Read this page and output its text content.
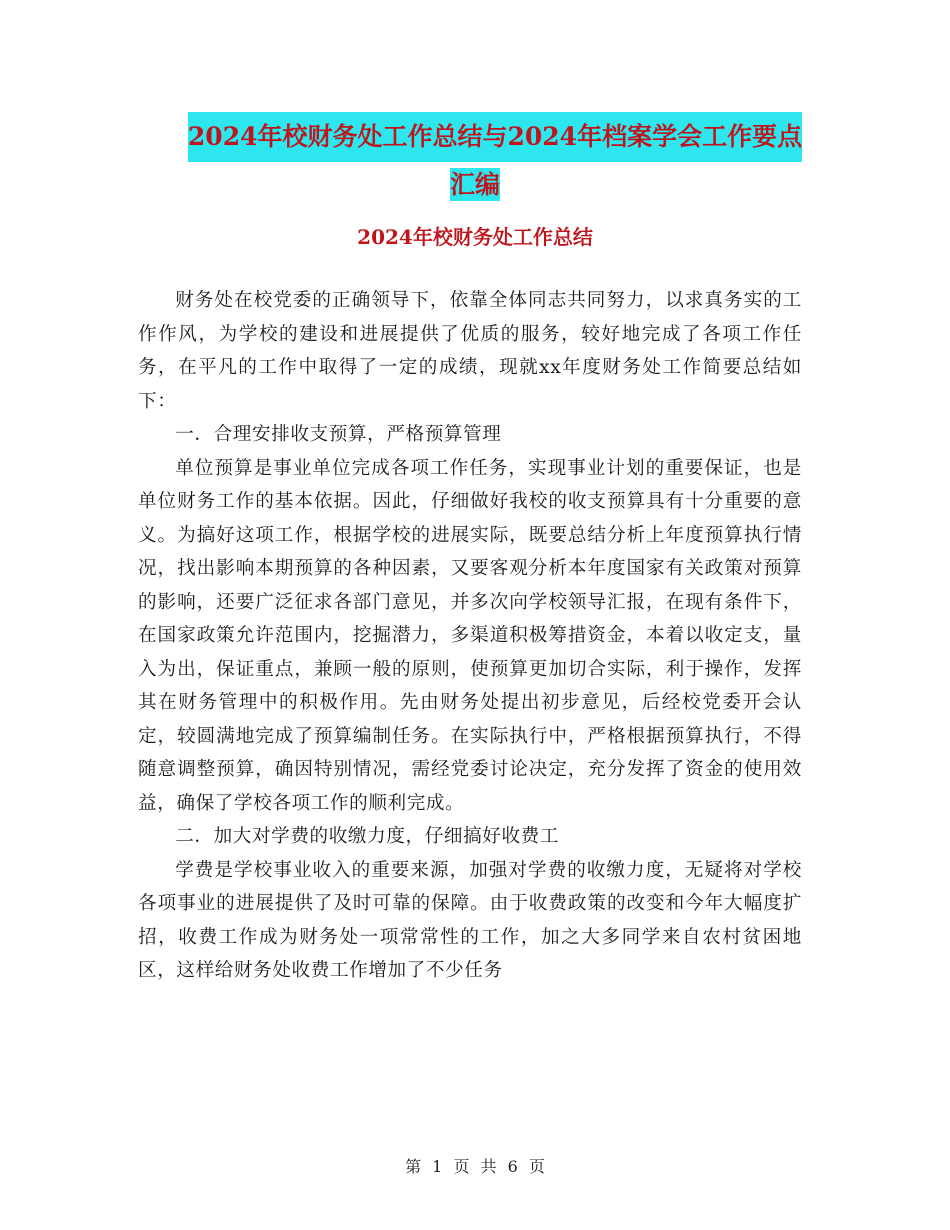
2024年校财务处工作总结与2024年档案学会工作要点
汇编
2024年校财务处工作总结

财务处在校党委的正确领导下，依靠全体同志共同努力，以求真务实的工作作风，为学校的建设和进展提供了优质的服务，较好地完成了各项工作任务，在平凡的工作中取得了一定的成绩，现就xx年度财务处工作简要总结如下：

一．合理安排收支预算，严格预算管理

单位预算是事业单位完成各项工作任务，实现事业计划的重要保证，也是单位财务工作的基本依据。因此，仔细做好我校的收支预算具有十分重要的意义。为搞好这项工作，根据学校的进展实际，既要总结分析上年度预算执行情况，找出影响本期预算的各种因素，又要客观分析本年度国家有关政策对预算的影响，还要广泛征求各部门意见，并多次向学校领导汇报，在现有条件下，在国家政策允许范围内，挖掘潜力，多渠道积极筹措资金，本着以收定支，量入为出，保证重点，兼顾一般的原则，使预算更加切合实际，利于操作，发挥其在财务管理中的积极作用。先由财务处提出初步意见，后经校党委开会认定，较圆满地完成了预算编制任务。在实际执行中，严格根据预算执行，不得随意调整预算，确因特别情况，需经党委讨论决定，充分发挥了资金的使用效益，确保了学校各项工作的顺利完成。

二．加大对学费的收缴力度，仔细搞好收费工

学费是学校事业收入的重要来源，加强对学费的收缴力度，无疑将对学校各项事业的进展提供了及时可靠的保障。由于收费政策的改变和今年大幅度扩招，收费工作成为财务处一项常常性的工作，加之大多同学来自农村贫困地区，这样给财务处收费工作增加了不少任务

第 1 页 共 6 页
